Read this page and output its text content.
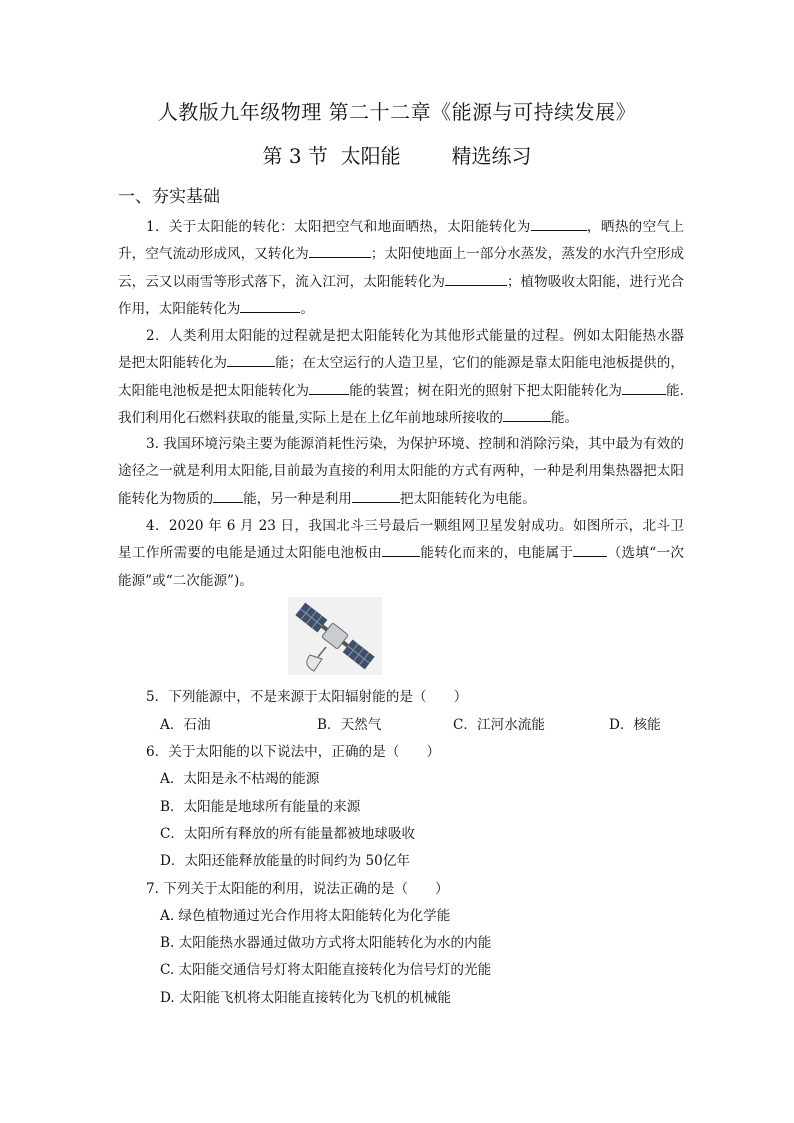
人教版九年级物理 第二十二章《能源与可持续发展》
第 3 节  太阳能        精选练习
一、夯实基础
1．关于太阳能的转化：太阳把空气和地面晒热，太阳能转化为	，晒热的空气上升，空气流动形成风，又转化为	；太阳使地面上一部分水蒸发，蒸发的水汽升空形成云，云又以雨雪等形式落下，流入江河，太阳能转化为	；植物吸收太阳能，进行光合作用，太阳能转化为	。
2．人类利用太阳能的过程就是把太阳能转化为其他形式能量的过程。例如太阳能热水器是把太阳能转化为	能；在太空运行的人造卫星，它们的能源是靠太阳能电池板提供的，太阳能电池板是把太阳能转化为	能的装置；树在阳光的照射下把太阳能转化为	能.我们利用化石燃料获取的能量,实际上是在上亿年前地球所接收的	能。
3. 我国环境污染主要为能源消耗性污染，为保护环境、控制和消除污染，其中最为有效的途径之一就是利用太阳能,目前最为直接的利用太阳能的方式有两种，一种是利用集热器把太阳能转化为物质的 能，另一种是利用	把太阳能转化为电能。
4．2020 年 6 月 23 日，我国北斗三号最后一颗组网卫星发射成功。如图所示，北斗卫星工作所需要的电能是通过太阳能电池板由	能转化而来的，电能属于	（选填“一次能源”或“二次能源”)。
5．下列能源中，不是来源于太阳辐射能的是（　　）
A．石油	B．天然气	C．江河水流能	D．核能
6．关于太阳能的以下说法中，正确的是（　　）
A．太阳是永不枯竭的能源
B．太阳能是地球所有能量的来源
C．太阳所有释放的所有能量都被地球吸收
D．太阳还能释放能量的时间约为 50亿年
7. 下列关于太阳能的利用，说法正确的是（　　）
A. 绿色植物通过光合作用将太阳能转化为化学能
B. 太阳能热水器通过做功方式将太阳能转化为水的内能
C. 太阳能交通信号灯将太阳能直接转化为信号灯的光能
D. 太阳能飞机将太阳能直接转化为飞机的机械能
